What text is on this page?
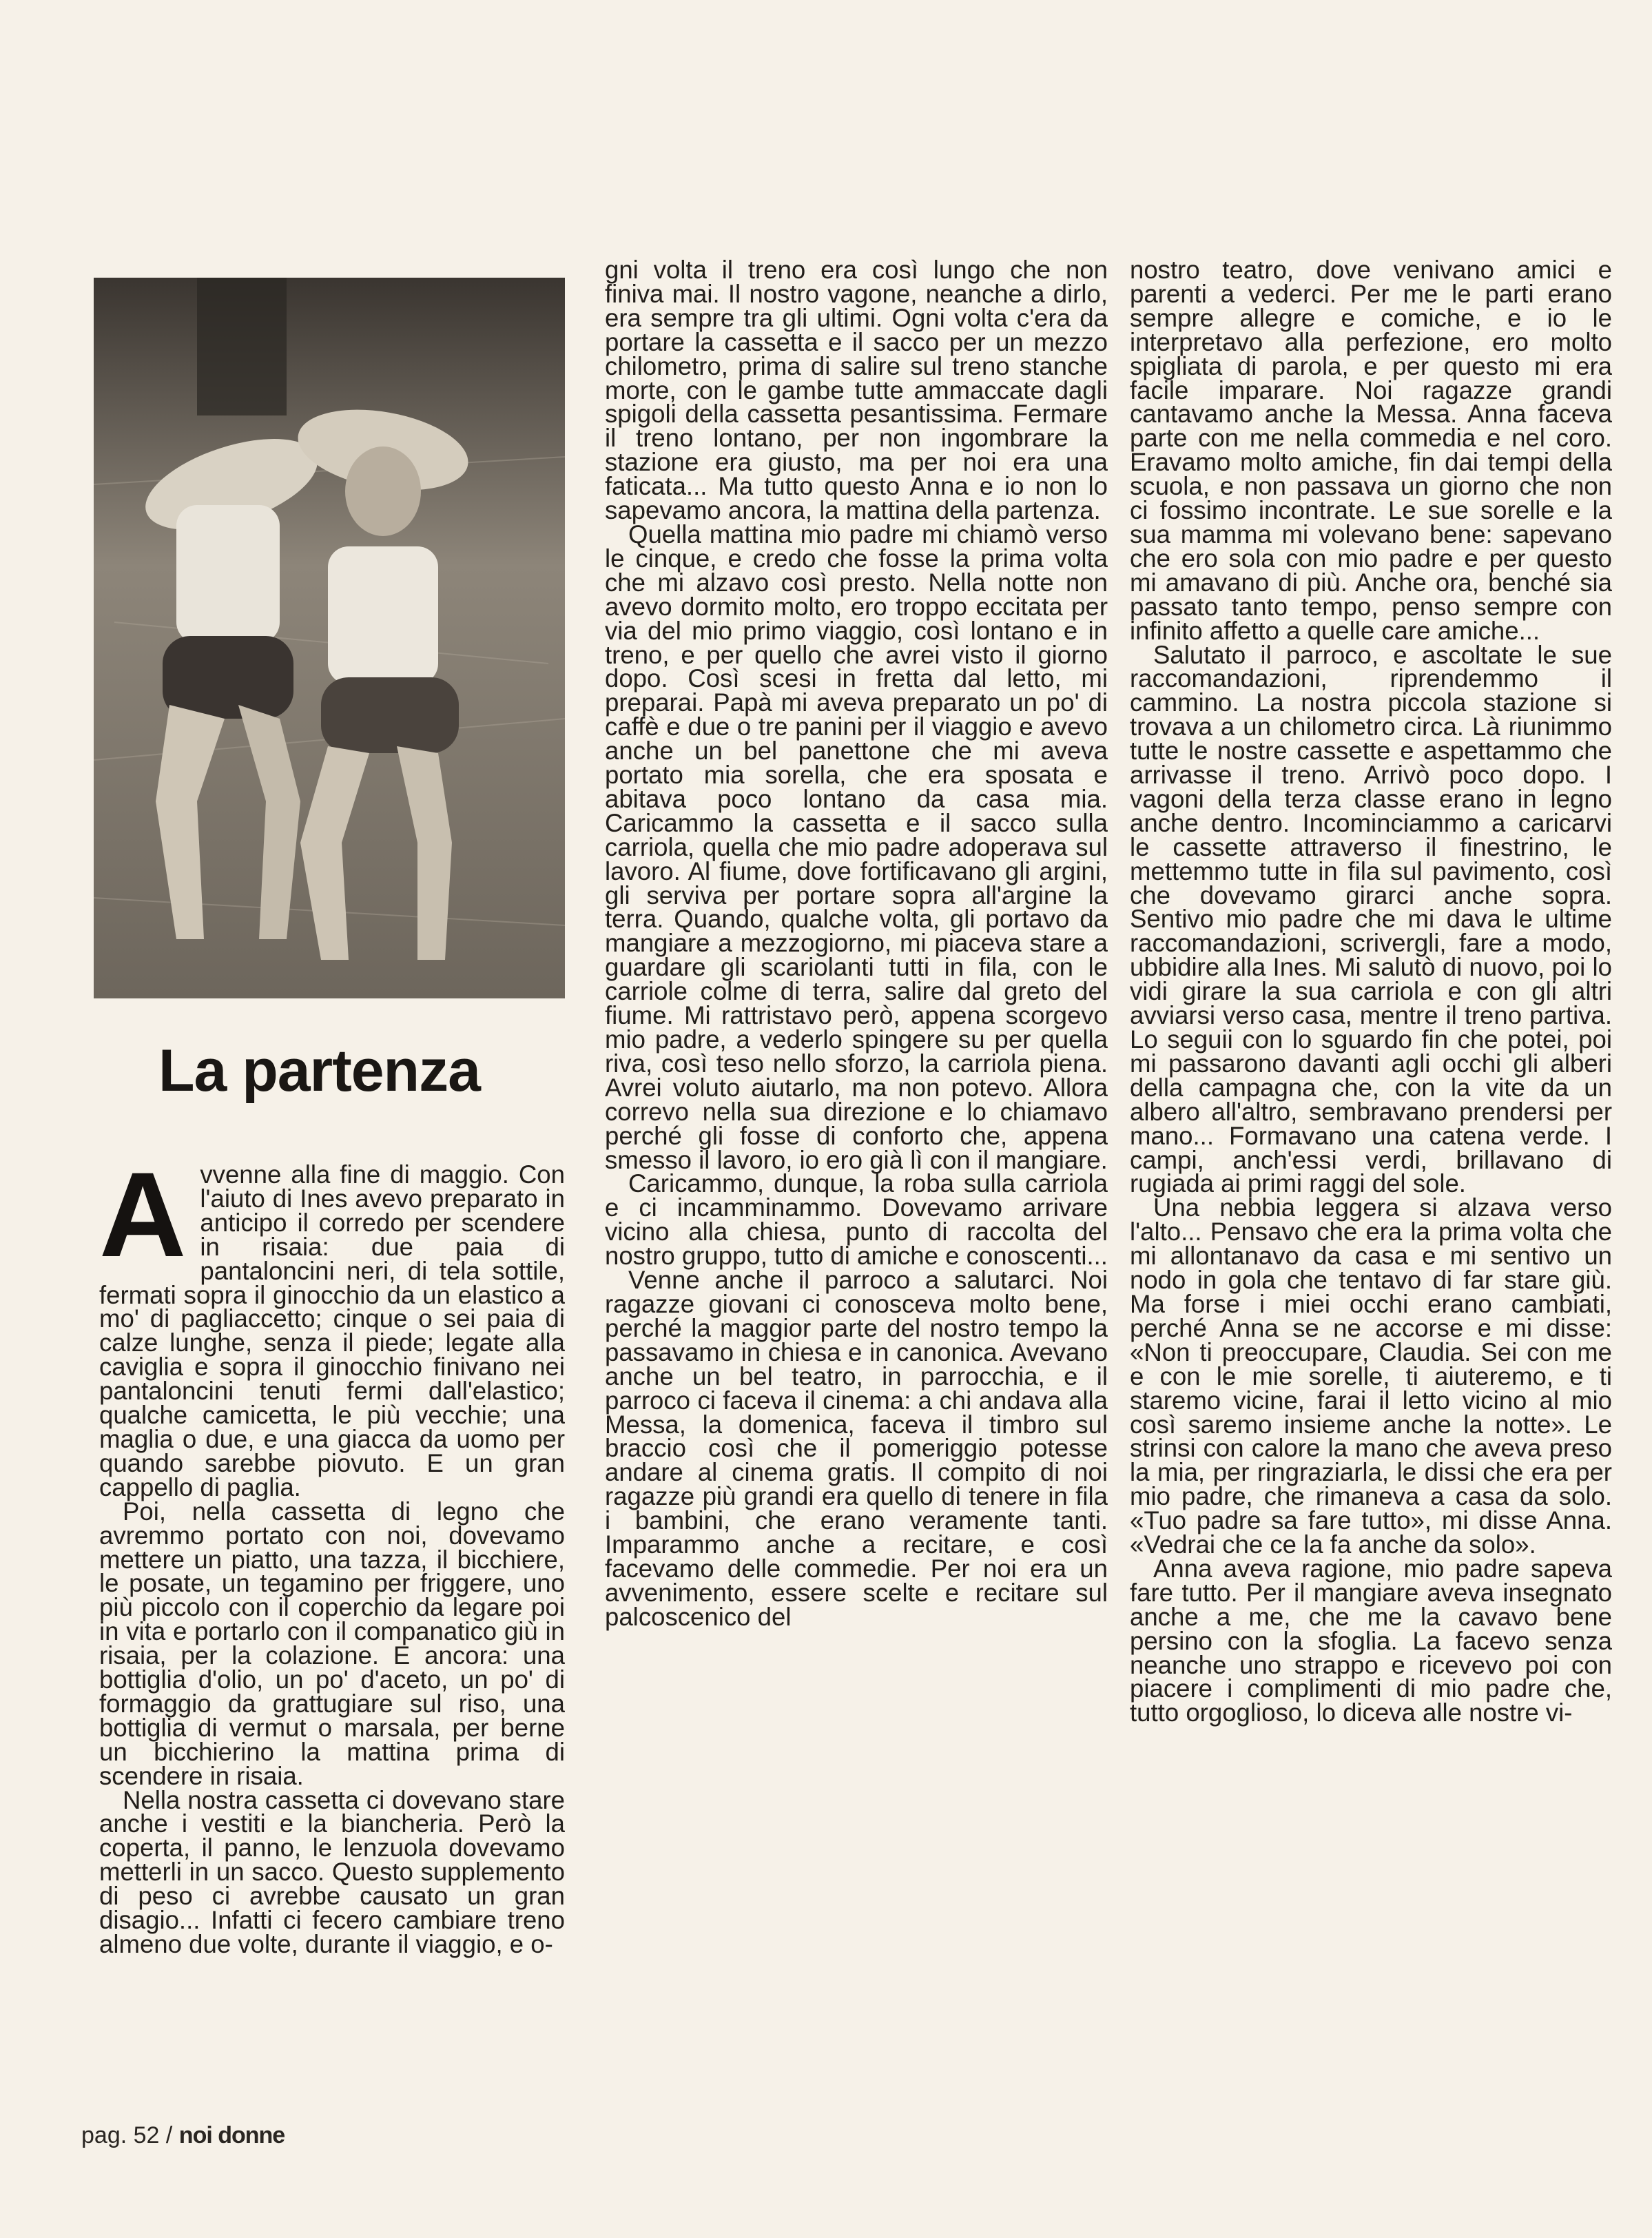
La partenza

Avvenne alla fine di maggio. Con l'aiuto di Ines avevo preparato in anticipo il corredo per scendere in risaia: due paia di pantaloncini neri, di tela sottile, fermati sopra il ginocchio da un elastico a mo' di pagliaccetto; cinque o sei paia di calze lunghe, senza il piede; legate alla caviglia e sopra il ginocchio finivano nei pantaloncini tenuti fermi dall'elastico; qualche camicetta, le più vecchie; una maglia o due, e una giacca da uomo per quando sarebbe piovuto. E un gran cappello di paglia.

Poi, nella cassetta di legno che avremmo portato con noi, dovevamo mettere un piatto, una tazza, il bicchiere, le posate, un tegamino per friggere, uno più piccolo con il coperchio da legare poi in vita e portarlo con il companatico giù in risaia, per la colazione. E ancora: una bottiglia d'olio, un po' d'aceto, un po' di formaggio da grattugiare sul riso, una bottiglia di vermut o marsala, per berne un bicchierino la mattina prima di scendere in risaia.

Nella nostra cassetta ci dovevano stare anche i vestiti e la biancheria. Però la coperta, il panno, le lenzuola dovevamo metterli in un sacco. Questo supplemento di peso ci avrebbe causato un gran disagio... Infatti ci fecero cambiare treno almeno due volte, durante il viaggio, e o-

gni volta il treno era così lungo che non finiva mai. Il nostro vagone, neanche a dirlo, era sempre tra gli ultimi. Ogni volta c'era da portare la cassetta e il sacco per un mezzo chilometro, prima di salire sul treno stanche morte, con le gambe tutte ammaccate dagli spigoli della cassetta pesantissima. Fermare il treno lontano, per non ingombrare la stazione era giusto, ma per noi era una faticata... Ma tutto questo Anna e io non lo sapevamo ancora, la mattina della partenza.

Quella mattina mio padre mi chiamò verso le cinque, e credo che fosse la prima volta che mi alzavo così presto. Nella notte non avevo dormito molto, ero troppo eccitata per via del mio primo viaggio, così lontano e in treno, e per quello che avrei visto il giorno dopo. Così scesi in fretta dal letto, mi preparai. Papà mi aveva preparato un po' di caffè e due o tre panini per il viaggio e avevo anche un bel panettone che mi aveva portato mia sorella, che era sposata e abitava poco lontano da casa mia. Caricammo la cassetta e il sacco sulla carriola, quella che mio padre adoperava sul lavoro. Al fiume, dove fortificavano gli argini, gli serviva per portare sopra all'argine la terra. Quando, qualche volta, gli portavo da mangiare a mezzogiorno, mi piaceva stare a guardare gli scariolanti tutti in fila, con le carriole colme di terra, salire dal greto del fiume. Mi rattristavo però, appena scorgevo mio padre, a vederlo spingere su per quella riva, così teso nello sforzo, la carriola piena. Avrei voluto aiutarlo, ma non potevo. Allora correvo nella sua direzione e lo chiamavo perché gli fosse di conforto che, appena smesso il lavoro, io ero già lì con il mangiare.

Caricammo, dunque, la roba sulla carriola e ci incamminammo. Dovevamo arrivare vicino alla chiesa, punto di raccolta del nostro gruppo, tutto di amiche e conoscenti...

Venne anche il parroco a salutarci. Noi ragazze giovani ci conosceva molto bene, perché la maggior parte del nostro tempo la passavamo in chiesa e in canonica. Avevano anche un bel teatro, in parrocchia, e il parroco ci faceva il cinema: a chi andava alla Messa, la domenica, faceva il timbro sul braccio così che il pomeriggio potesse andare al cinema gratis. Il compito di noi ragazze più grandi era quello di tenere in fila i bambini, che erano veramente tanti. Imparammo anche a recitare, e così facevamo delle commedie. Per noi era un avvenimento, essere scelte e recitare sul palcoscenico del

nostro teatro, dove venivano amici e parenti a vederci. Per me le parti erano sempre allegre e comiche, e io le interpretavo alla perfezione, ero molto spigliata di parola, e per questo mi era facile imparare. Noi ragazze grandi cantavamo anche la Messa. Anna faceva parte con me nella commedia e nel coro. Eravamo molto amiche, fin dai tempi della scuola, e non passava un giorno che non ci fossimo incontrate. Le sue sorelle e la sua mamma mi volevano bene: sapevano che ero sola con mio padre e per questo mi amavano di più. Anche ora, benché sia passato tanto tempo, penso sempre con infinito affetto a quelle care amiche...

Salutato il parroco, e ascoltate le sue raccomandazioni, riprendemmo il cammino. La nostra piccola stazione si trovava a un chilometro circa. Là riunimmo tutte le nostre cassette e aspettammo che arrivasse il treno. Arrivò poco dopo. I vagoni della terza classe erano in legno anche dentro. Incominciammo a caricarvi le cassette attraverso il finestrino, le mettemmo tutte in fila sul pavimento, così che dovevamo girarci anche sopra. Sentivo mio padre che mi dava le ultime raccomandazioni, scrivergli, fare a modo, ubbidire alla Ines. Mi salutò di nuovo, poi lo vidi girare la sua carriola e con gli altri avviarsi verso casa, mentre il treno partiva. Lo seguii con lo sguardo fin che potei, poi mi passarono davanti agli occhi gli alberi della campagna che, con la vite da un albero all'altro, sembravano prendersi per mano... Formavano una catena verde. I campi, anch'essi verdi, brillavano di rugiada ai primi raggi del sole.

Una nebbia leggera si alzava verso l'alto... Pensavo che era la prima volta che mi allontanavo da casa e mi sentivo un nodo in gola che tentavo di far stare giù. Ma forse i miei occhi erano cambiati, perché Anna se ne accorse e mi disse: «Non ti preoccupare, Claudia. Sei con me e con le mie sorelle, ti aiuteremo, e ti staremo vicine, farai il letto vicino al mio così saremo insieme anche la notte». Le strinsi con calore la mano che aveva preso la mia, per ringraziarla, le dissi che era per mio padre, che rimaneva a casa da solo. «Tuo padre sa fare tutto», mi disse Anna. «Vedrai che ce la fa anche da solo».

Anna aveva ragione, mio padre sapeva fare tutto. Per il mangiare aveva insegnato anche a me, che me la cavavo bene persino con la sfoglia. La facevo senza neanche uno strappo e ricevevo poi con piacere i complimenti di mio padre che, tutto orgoglioso, lo diceva alle nostre vi-

pag. 52 / noi donne
